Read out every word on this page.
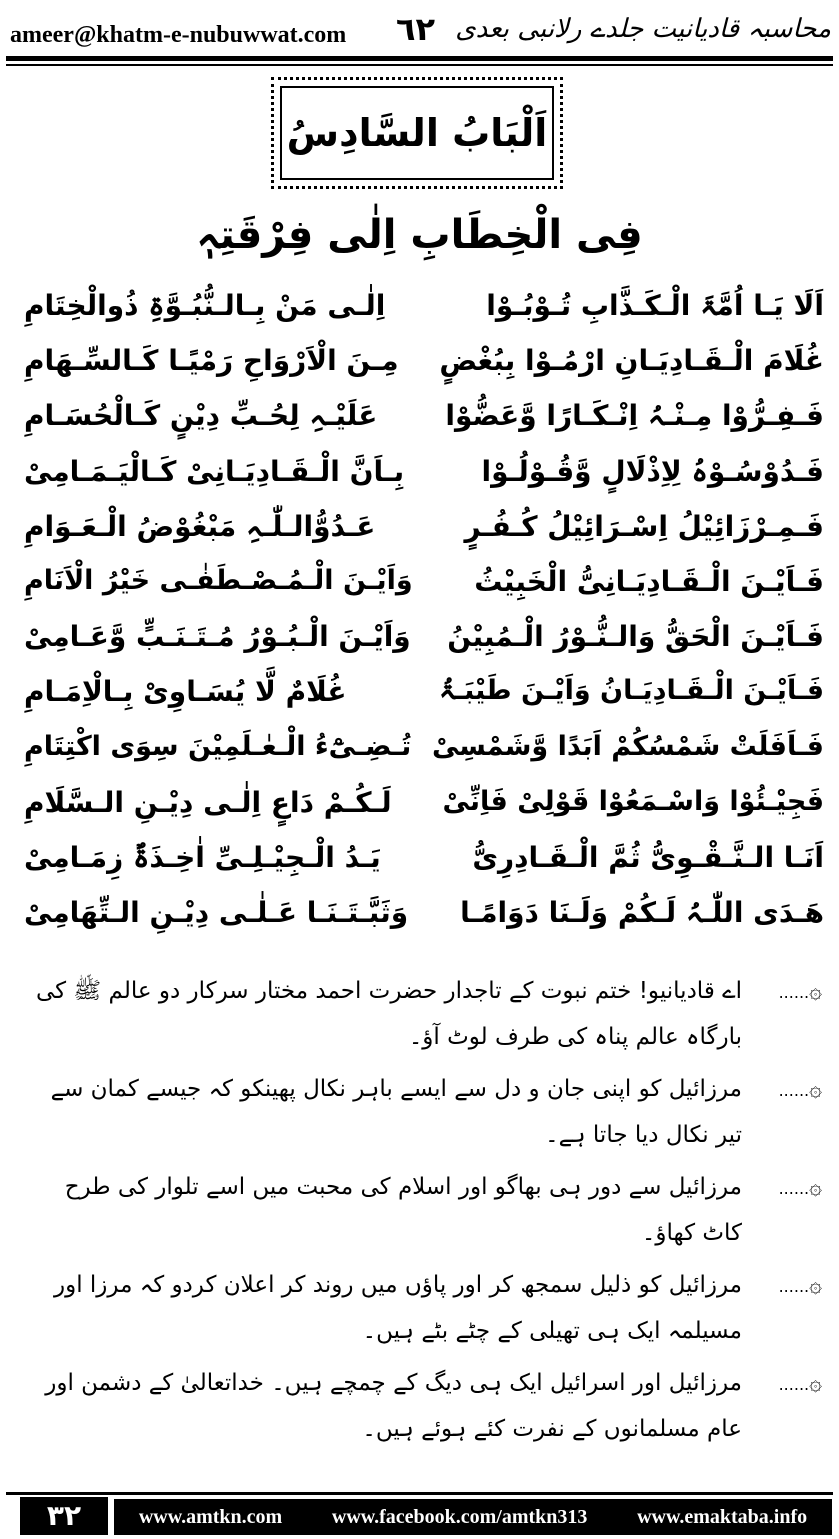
ameer@khatm-e-nubuwwat.com ٦٢ محاسبہ قادیانیت جلدے رلانبی بعدی
اَلْبَابُ السَّادِسُ
فِی الْخِطَابِ اِلٰی فِرْقَتِہٖ
اَلَا یَـا اُمَّۃَ الْـکَـذَّابِ تُـوْبُـوْا
اِلٰـی مَنْ بِـالـنُّبُـوَّۃِ ذُوالْخِتَامِ
غُلَامَ الْـقَـادِیَـانِ ارْمُـوْا بِبُغْضٍ
مِـنَ الْاَرْوَاحِ رَمْیًـا کَـالسِّـھَامِ
فَـفِـرُّوْا مِـنْـہُ اِنْـکَـارًا وَّعَضُّوْا
عَلَیْـہِ لِحُـبِّ دِیْنٍ کَـالْحُسَـامِ
فَـدُوْسُـوْہُ لِاِذْلَالٍ وَّقُـوْلُـوْا
بِـاَنَّ الْـقَـادِیَـانِیْ کَـالْیَـمَـامِیْ
فَـمِـرْزَائِیْلُ اِسْـرَائِیْلُ کُـفُـرٍ
عَـدُوُّالـلّٰـہِ مَبْغُوْضُ الْـعَـوَامِ
فَـاَیْـنَ الْـقَـادِیَـانِیُّ الْخَبِیْثُ
وَاَیْـنَ الْـمُـصْـطَفٰـی خَیْرُ الْاَنَامِ
فَـاَیْـنَ الْحَقُّ وَالـنُّـوْرُ الْـمُبِیْنُ
وَاَیْـنَ الْـبُـوْرُ مُـتَـنَـبٍّ وَّعَـامِیْ
فَـاَیْـنَ الْـقَـادِیَـانُ وَاَیْـنَ طَیْبَـۃُ
غُلَامٌ لَّا یُسَـاوِیْ بِـالْاِمَـامِ
فَـاَفَلَتْ شَمْسُکُمْ اَبَدًا وَّشَمْسِیْ
تُـضِـیْٓءُ الْـعٰـلَمِیْنَ سِوَی اکْتِتَامِ
فَجِیْـئُوْا وَاسْـمَعُوْا قَوْلِیْ فَاِنِّیْ
لَـکُـمْ دَاعٍ اِلٰـی دِیْـنِ الـسَّلَامِ
اَنَـا الـنَّـقْـوِیُّ ثُمَّ الْـقَـادِرِیُّ
یَـدُ الْـجِیْـلِـیِّ اٰخِـذَۃٌ زِمَـامِیْ
ھَـدَی اللّٰـہُ لَـکُمْ وَلَـنَا دَوَامًـا
وَثَبَّـتَـنَـا عَـلٰـی دِیْـنِ الـتِّھَامِیْ
......۞
اے قادیانیو! ختم نبوت کے تاجدار حضرت احمد مختار سرکار دو عالم ﷺ کی بارگاہ عالم پناہ کی طرف لوٹ آؤ۔
......۞
مرزائیل کو اپنی جان و دل سے ایسے باہر نکال پھینکو کہ جیسے کمان سے تیر نکال دیا جاتا ہے۔
......۞
مرزائیل سے دور ہی بھاگو اور اسلام کی محبت میں اسے تلوار کی طرح کاٹ کھاؤ۔
......۞
مرزائیل کو ذلیل سمجھ کر اور پاؤں میں روند کر اعلان کردو کہ مرزا اور مسیلمہ ایک ہی تھیلی کے چٹے بٹے ہیں۔
......۞
مرزائیل اور اسرائیل ایک ہی دیگ کے چمچے ہیں۔ خداتعالیٰ کے دشمن اور عام مسلمانوں کے نفرت کئے ہوئے ہیں۔
٣٢	www.amtkn.com www.facebook.com/amtkn313 www.emaktaba.info
